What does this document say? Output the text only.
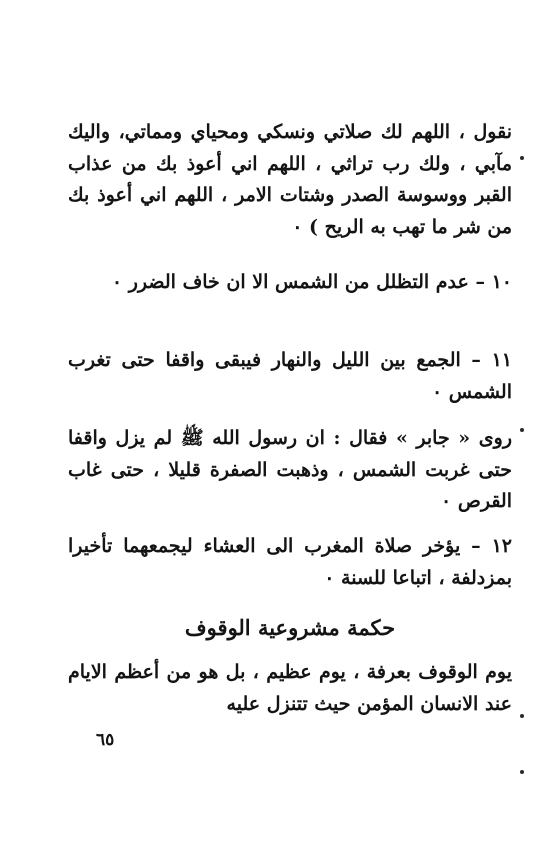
نقول ، اللهم لك صلاتي ونسكي ومحياي ومماتي، واليك مآبي ، ولك رب تراثي ، اللهم اني أعوذ بك من عذاب القبر ووسوسة الصدر وشتات الامر ، اللهم اني أعوذ بك من شر ما تهب به الريح ) ٠

١٠ – عدم التظلل من الشمس الا ان خاف الضرر ٠

١١ – الجمع بين الليل والنهار فيبقى واقفا حتى تغرب الشمس ٠

روى « جابر » فقال : ان رسول الله ﷺ لم يزل واقفا حتى غربت الشمس ، وذهبت الصفرة قليلا ، حتى غاب القرص ٠

١٢ – يؤخر صلاة المغرب الى العشاء ليجمعهما تأخيرا بمزدلفة ، اتباعا للسنة ٠

حكمة مشروعية الوقوف

يوم الوقوف بعرفة ، يوم عظيم ، بل هو من أعظم الايام عند الانسان المؤمن حيث تتنزل عليه

٦٥
